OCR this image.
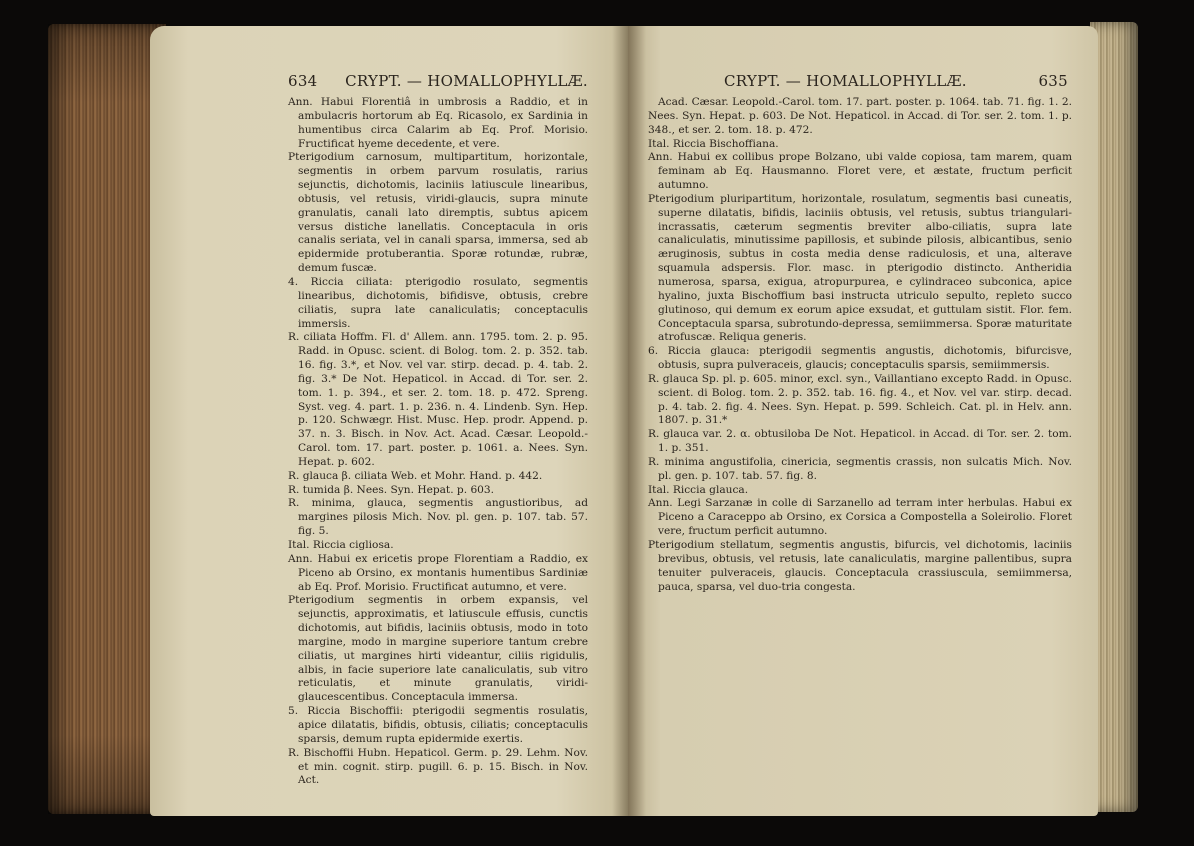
634 CRYPT. — HOMALLOPHYLLÆ.

Ann. Habui Florentiâ in umbrosis a Raddio, et in ambulacris hortorum ab Eq. Ricasolo, ex Sardinia in humentibus circa Calarim ab Eq. Prof. Morisio. Fructificat hyeme decedente, et vere.

Pterigodium carnosum, multipartitum, horizontale, segmentis in orbem parvum rosulatis, rarius sejunctis, dichotomis, laciniis latiuscule linearibus, obtusis, vel retusis, viridi-glaucis, supra minute granulatis, canali lato diremptis, subtus apicem versus distiche lanellatis. Conceptacula in oris canalis seriata, vel in canali sparsa, immersa, sed ab epidermide protuberantia. Sporæ rotundæ, rubræ, demum fuscæ.

4. Riccia ciliata: pterigodio rosulato, segmentis linearibus, dichotomis, bifidisve, obtusis, crebre ciliatis, supra late canaliculatis; conceptaculis immersis.

R. ciliata Hoffm. Fl. d' Allem. ann. 1795. tom. 2. p. 95. Radd. in Opusc. scient. di Bolog. tom. 2. p. 352. tab. 16. fig. 3.*, et Nov. vel var. stirp. decad. p. 4. tab. 2. fig. 3.* De Not. Hepaticol. in Accad. di Tor. ser. 2. tom. 1. p. 394., et ser. 2. tom. 18. p. 472. Spreng. Syst. veg. 4. part. 1. p. 236. n. 4. Lindenb. Syn. Hep. p. 120. Schwægr. Hist. Musc. Hep. prodr. Append. p. 37. n. 3. Bisch. in Nov. Act. Acad. Cæsar. Leopold.-Carol. tom. 17. part. poster. p. 1061. a. Nees. Syn. Hepat. p. 602.

R. glauca β. ciliata Web. et Mohr. Hand. p. 442.

R. tumida β. Nees. Syn. Hepat. p. 603.

R. minima, glauca, segmentis angustioribus, ad margines pilosis Mich. Nov. pl. gen. p. 107. tab. 57. fig. 5.

Ital. Riccia cigliosa.

Ann. Habui ex ericetis prope Florentiam a Raddio, ex Piceno ab Orsino, ex montanis humentibus Sardiniæ ab Eq. Prof. Morisio. Fructificat autumno, et vere.

Pterigodium segmentis in orbem expansis, vel sejunctis, approximatis, et latiuscule effusis, cunctis dichotomis, aut bifidis, laciniis obtusis, modo in toto margine, modo in margine superiore tantum crebre ciliatis, ut margines hirti videantur, ciliis rigidulis, albis, in facie superiore late canaliculatis, sub vitro reticulatis, et minute granulatis, viridi-glaucescentibus. Conceptacula immersa.

5. Riccia Bischoffii: pterigodii segmentis rosulatis, apice dilatatis, bifidis, obtusis, ciliatis; conceptaculis sparsis, demum rupta epidermide exertis.

R. Bischoffii Hubn. Hepaticol. Germ. p. 29. Lehm. Nov. et min. cognit. stirp. pugill. 6. p. 15. Bisch. in Nov. Act.

CRYPT. — HOMALLOPHYLLÆ.	635

Acad. Cæsar. Leopold.-Carol. tom. 17. part. poster. p. 1064. tab. 71. fig. 1. 2. Nees. Syn. Hepat. p. 603. De Not. Hepaticol. in Accad. di Tor. ser. 2. tom. 1. p. 348., et ser. 2. tom. 18. p. 472.

Ital. Riccia Bischoffiana.

Ann. Habui ex collibus prope Bolzano, ubi valde copiosa, tam marem, quam feminam ab Eq. Hausmanno. Floret vere, et æstate, fructum perficit autumno.

Pterigodium pluripartitum, horizontale, rosulatum, segmentis basi cuneatis, superne dilatatis, bifidis, laciniis obtusis, vel retusis, subtus triangulari-incrassatis, cæterum segmentis breviter albo-ciliatis, supra late canaliculatis, minutissime papillosis, et subinde pilosis, albicantibus, senio æruginosis, subtus in costa media dense radiculosis, et una, alterave squamula adspersis. Flor. masc. in pterigodio distincto. Antheridia numerosa, sparsa, exigua, atropurpurea, e cylindraceo subconica, apice hyalino, juxta Bischoffium basi instructa utriculo sepulto, repleto succo glutinoso, qui demum ex eorum apice exsudat, et guttulam sistit. Flor. fem. Conceptacula sparsa, subrotundo-depressa, semiimmersa. Sporæ maturitate atrofuscæ. Reliqua generis.

6. Riccia glauca: pterigodii segmentis angustis, dichotomis, bifurcisve, obtusis, supra pulveraceis, glaucis; conceptaculis sparsis, semiimmersis.

R. glauca Sp. pl. p. 605. minor, excl. syn., Vaillantiano excepto Radd. in Opusc. scient. di Bolog. tom. 2. p. 352. tab. 16. fig. 4., et Nov. vel var. stirp. decad. p. 4. tab. 2. fig. 4. Nees. Syn. Hepat. p. 599. Schleich. Cat. pl. in Helv. ann. 1807. p. 31.*

R. glauca var. 2. α. obtusiloba De Not. Hepaticol. in Accad. di Tor. ser. 2. tom. 1. p. 351.

R. minima angustifolia, cinericia, segmentis crassis, non sulcatis Mich. Nov. pl. gen. p. 107. tab. 57. fig. 8.

Ital. Riccia glauca.

Ann. Legi Sarzanæ in colle di Sarzanello ad terram inter herbulas. Habui ex Piceno a Caraceppo ab Orsino, ex Corsica a Compostella a Soleirolio. Floret vere, fructum perficit autumno.

Pterigodium stellatum, segmentis angustis, bifurcis, vel dichotomis, laciniis brevibus, obtusis, vel retusis, late canaliculatis, margine pallentibus, supra tenuiter pulveraceis, glaucis. Conceptacula crassiuscula, semiimmersa, pauca, sparsa, vel duo-tria congesta.
